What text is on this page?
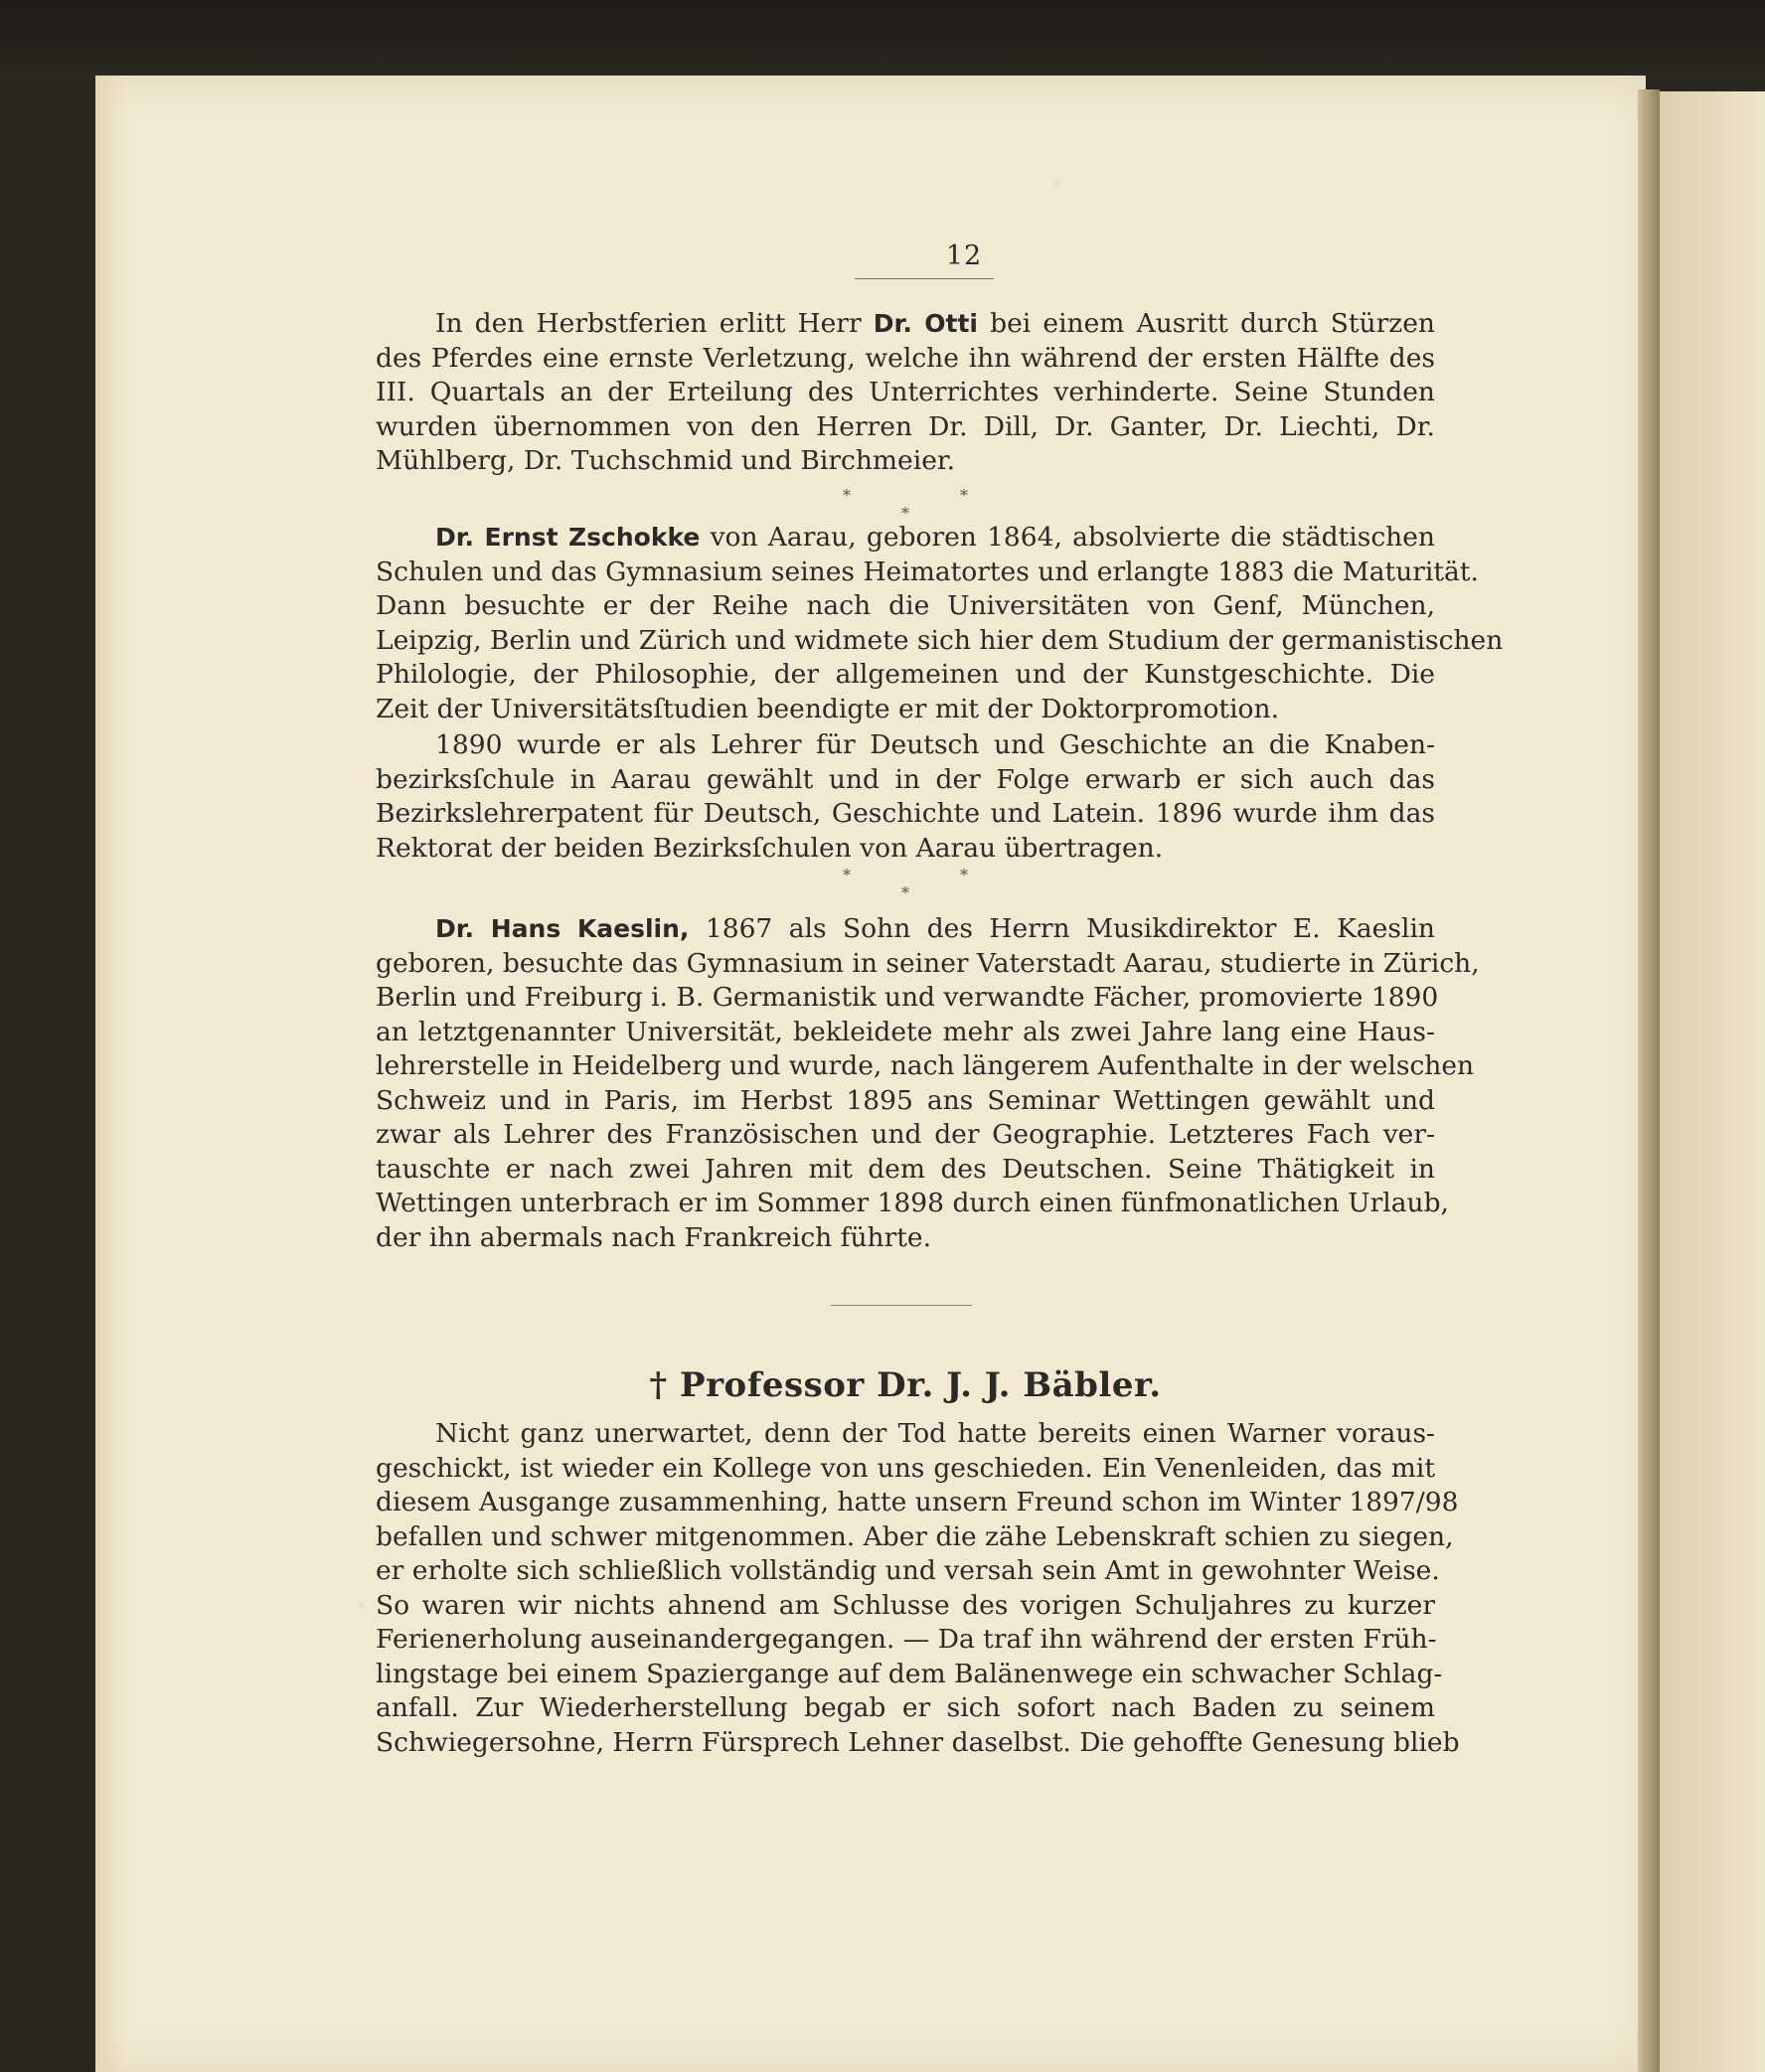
12
In den Herbstferien erlitt Herr Dr. Otti bei einem Ausritt durch Stürzen
des Pferdes eine ernste Verletzung, welche ihn während der ersten Hälfte des
III. Quartals an der Erteilung des Unterrichtes verhinderte. Seine Stunden
wurden übernommen von den Herren Dr. Dill, Dr. Ganter, Dr. Liechti, Dr.
Mühlberg, Dr. Tuchschmid und Birchmeier.
**
*
Dr. Ernst Zschokke von Aarau, geboren 1864, absolvierte die städtischen
Schulen und das Gymnasium seines Heimatortes und erlangte 1883 die Maturität.
Dann besuchte er der Reihe nach die Universitäten von Genf, München,
Leipzig, Berlin und Zürich und widmete sich hier dem Studium der germanistischen
Philologie, der Philosophie, der allgemeinen und der Kunstgeschichte. Die
Zeit der Universitätsſtudien beendigte er mit der Doktorpromotion.
1890 wurde er als Lehrer für Deutsch und Geschichte an die Knaben-
bezirksſchule in Aarau gewählt und in der Folge erwarb er sich auch das
Bezirkslehrerpatent für Deutsch, Geschichte und Latein. 1896 wurde ihm das
Rektorat der beiden Bezirksſchulen von Aarau übertragen.
**
*
Dr. Hans Kaeslin, 1867 als Sohn des Herrn Musikdirektor E. Kaeslin
geboren, besuchte das Gymnasium in seiner Vaterstadt Aarau, studierte in Zürich,
Berlin und Freiburg i. B. Germanistik und verwandte Fächer, promovierte 1890
an letztgenannter Universität, bekleidete mehr als zwei Jahre lang eine Haus-
lehrerstelle in Heidelberg und wurde, nach längerem Aufenthalte in der welschen
Schweiz und in Paris, im Herbst 1895 ans Seminar Wettingen gewählt und
zwar als Lehrer des Französischen und der Geographie. Letzteres Fach ver-
tauschte er nach zwei Jahren mit dem des Deutschen. Seine Thätigkeit in
Wettingen unterbrach er im Sommer 1898 durch einen fünfmonatlichen Urlaub,
der ihn abermals nach Frankreich führte.
† Professor Dr. J. J. Bäbler.
Nicht ganz unerwartet, denn der Tod hatte bereits einen Warner voraus-
geschickt, ist wieder ein Kollege von uns geschieden. Ein Venenleiden, das mit
diesem Ausgange zusammenhing, hatte unsern Freund schon im Winter 1897/98
befallen und schwer mitgenommen. Aber die zähe Lebenskraft schien zu siegen,
er erholte sich schließlich vollständig und versah sein Amt in gewohnter Weise.
So waren wir nichts ahnend am Schlusse des vorigen Schuljahres zu kurzer
Ferienerholung auseinandergegangen. — Da traf ihn während der ersten Früh-
lingstage bei einem Spaziergange auf dem Balänenwege ein schwacher Schlag-
anfall. Zur Wiederherstellung begab er sich sofort nach Baden zu seinem
Schwiegersohne, Herrn Fürsprech Lehner daselbst. Die gehoffte Genesung blieb
